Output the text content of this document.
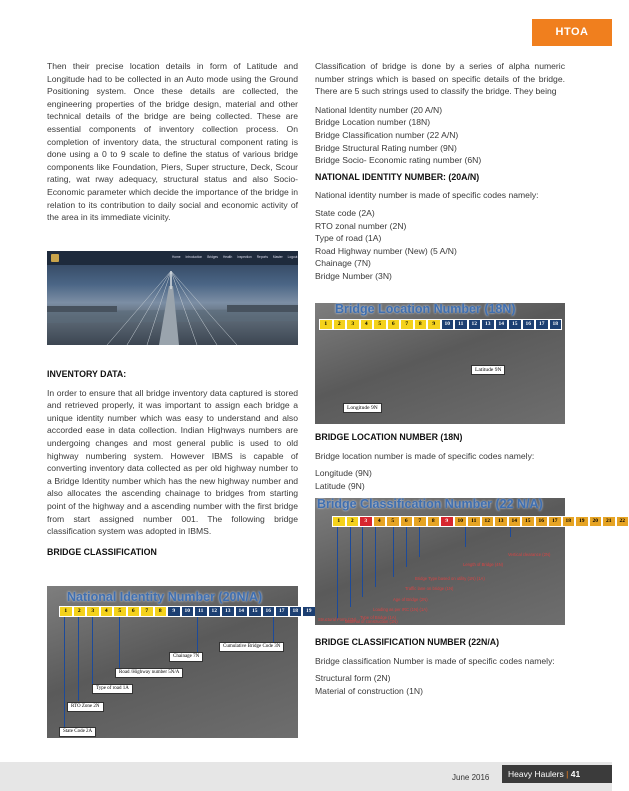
HTOA

Then their precise location details in form of Latitude and Longitude had to be collected in an Auto mode using the Ground Positioning system. Once these details are collected, the engineering properties of the bridge design, material and other technical details of the bridge are being collected. These are essential components of inventory collection process. On completion of inventory data, the structural component rating is done using a 0 to 9 scale to define the status of various bridge components like Foundation, Piers, Super structure, Deck, Scour rating, wat rway adequacy, structural status and also Socio- Economic parameter which decide the importance of the bridge in relation to its contribution to daily social and economic activity of the area in its immediate vicinity.

Home Introduction Bridges Health Inspection Reports Master Logout
INVENTORY DATA:

In order to ensure that all bridge inventory data captured is stored and retrieved properly, it was important to assign each bridge a unique identity number which was easy to understand and also accorded ease in data collection. Indian Highways numbers are undergoing changes and most general public is used to old highway numbering system. However IBMS is capable of converting inventory data collected as per old highway number to a Bridge Identity number which has the new highway number and also allocates the ascending chainage to bridges from starting point of the highway and a ascending number with the first bridge from start assigned number 001. The following bridge classification system was adopted in IBMS.

BRIDGE CLASSIFICATION
National Identity Number (20N/A)
1	2	3	4	5	6	7	8	9	10	11	12	13	14	15	16	17	18	19
State Code 2A
RTO Zone 2N
Type of road 1A
Road /Highway number 5N/A
Chainage 7N
Cumulative Bridge Code 3N

Classification of bridge is done by a series of alpha numeric number strings which is based on specific details of the bridge. There are 5 such strings used to classify the bridge. They being

National Identity number (20 A/N)
Bridge Location number (18N)
Bridge Classification number (22 A/N)
Bridge Structural Rating number (9N)
Bridge Socio- Economic rating number (6N)
NATIONAL IDENTITY NUMBER: (20A/N)

National identity number is made of specific codes namely:

State code (2A)
RTO zonal number (2N)
Type of road (1A)
Road Highway number (New) (5 A/N)
Chainage (7N)
Bridge Number (3N)
Bridge Location Number (18N)
1	2	3	4	5	6	7	8	9	10	11	12	13	14	15	16	17	18
Latitude 9N
Longitude 9N
BRIDGE LOCATION NUMBER (18N)

Bridge location number is made of specific codes namely:

Longitude (9N)
Latitude (9N)
Bridge Classification Number (22 N/A)
1	2	3	4	5	6	7	8	9	10	11	12	13	14	15	16	17	18	19	20	21	22
Vertical clearance (2N)
Length of Bridge (4N)
Bridge Type based on utility (1N) (1A)
Traffic lane on bridge (1N)
Age of Bridge (2N)
Loading as per IRC (1N) (1A)
Type of Bridge (1A)
Material of construction (1N)
Structural Form (2N)
BRIDGE CLASSIFICATION NUMBER (22N/A)

Bridge classification Number is made of specific codes namely:

Structural form (2N)
Material of construction (1N)
June 2016	Heavy Haulers | 41
